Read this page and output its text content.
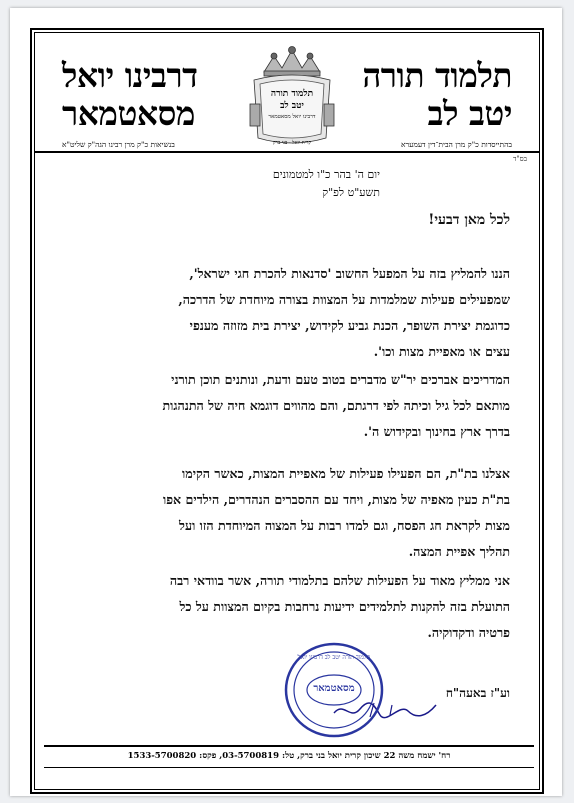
תלמוד תורה
יטב לב
דרבינו יואל
מסאטמאר
בהתייסדות כ"ק מרן הבית־דין דעמערא
בנשיאות כ"ק מרן רבינו הגה"ק שליט"א
תלמוד תורה
יטב לב
דרבינו יואל מסאטמאר
קרית יואל - בני ברק
בס"ד
יום ה' בהר כ"ו למטמונים
תשע"ט לפ"ק
לכל מאן דבעי!
הננו להמליץ בזה על המפעל החשוב 'סדנאות להכרת חגי ישראל',
שמפעילים פעילות שמלמדות על המצוות בצורה מיוחדת של הדרכה,
כדוגמת יצירת השופר, הכנת גביע לקידוש, יצירת בית מזוזה מענפי
עצים או מאפיית מצות וכו'.
המדריכים אברכים יר"ש מדברים בטוב טעם ודעת, ונותנים תוכן תורני
מותאם לכל גיל וכיתה לפי דרגתם, והם מהווים דוגמא חיה של התנהגות
בדרך ארץ בחינוך ובקידוש ה'.
אצלנו בת"ת, הם הפעילו פעילות של מאפיית המצות, כאשר הקימו
בת"ת כעין מאפיה של מצות, ויחד עם ההסברים הנהדרים, הילדים אפו
מצות לקראת חג הפסח, וגם למדו רבות על המצוה המיוחדת הזו ועל
תהליך אפיית המצה.
אני ממליץ מאוד על הפעילות שלהם בתלמודי תורה, אשר בוודאי רבה
התועלת בזה להקנות לתלמידים ידיעות נרחבות בקיום המצוות על כל
פרטיה ודקדוקיה.
וע"ז באעה"ח
מסאטמאר
תלמוד תורה יטב לב דרבינו יואל
רח' ישמח משה 22 שיכון קרית יואל בני ברק, טל: 03-5700819, פקס: 1533-5700820
